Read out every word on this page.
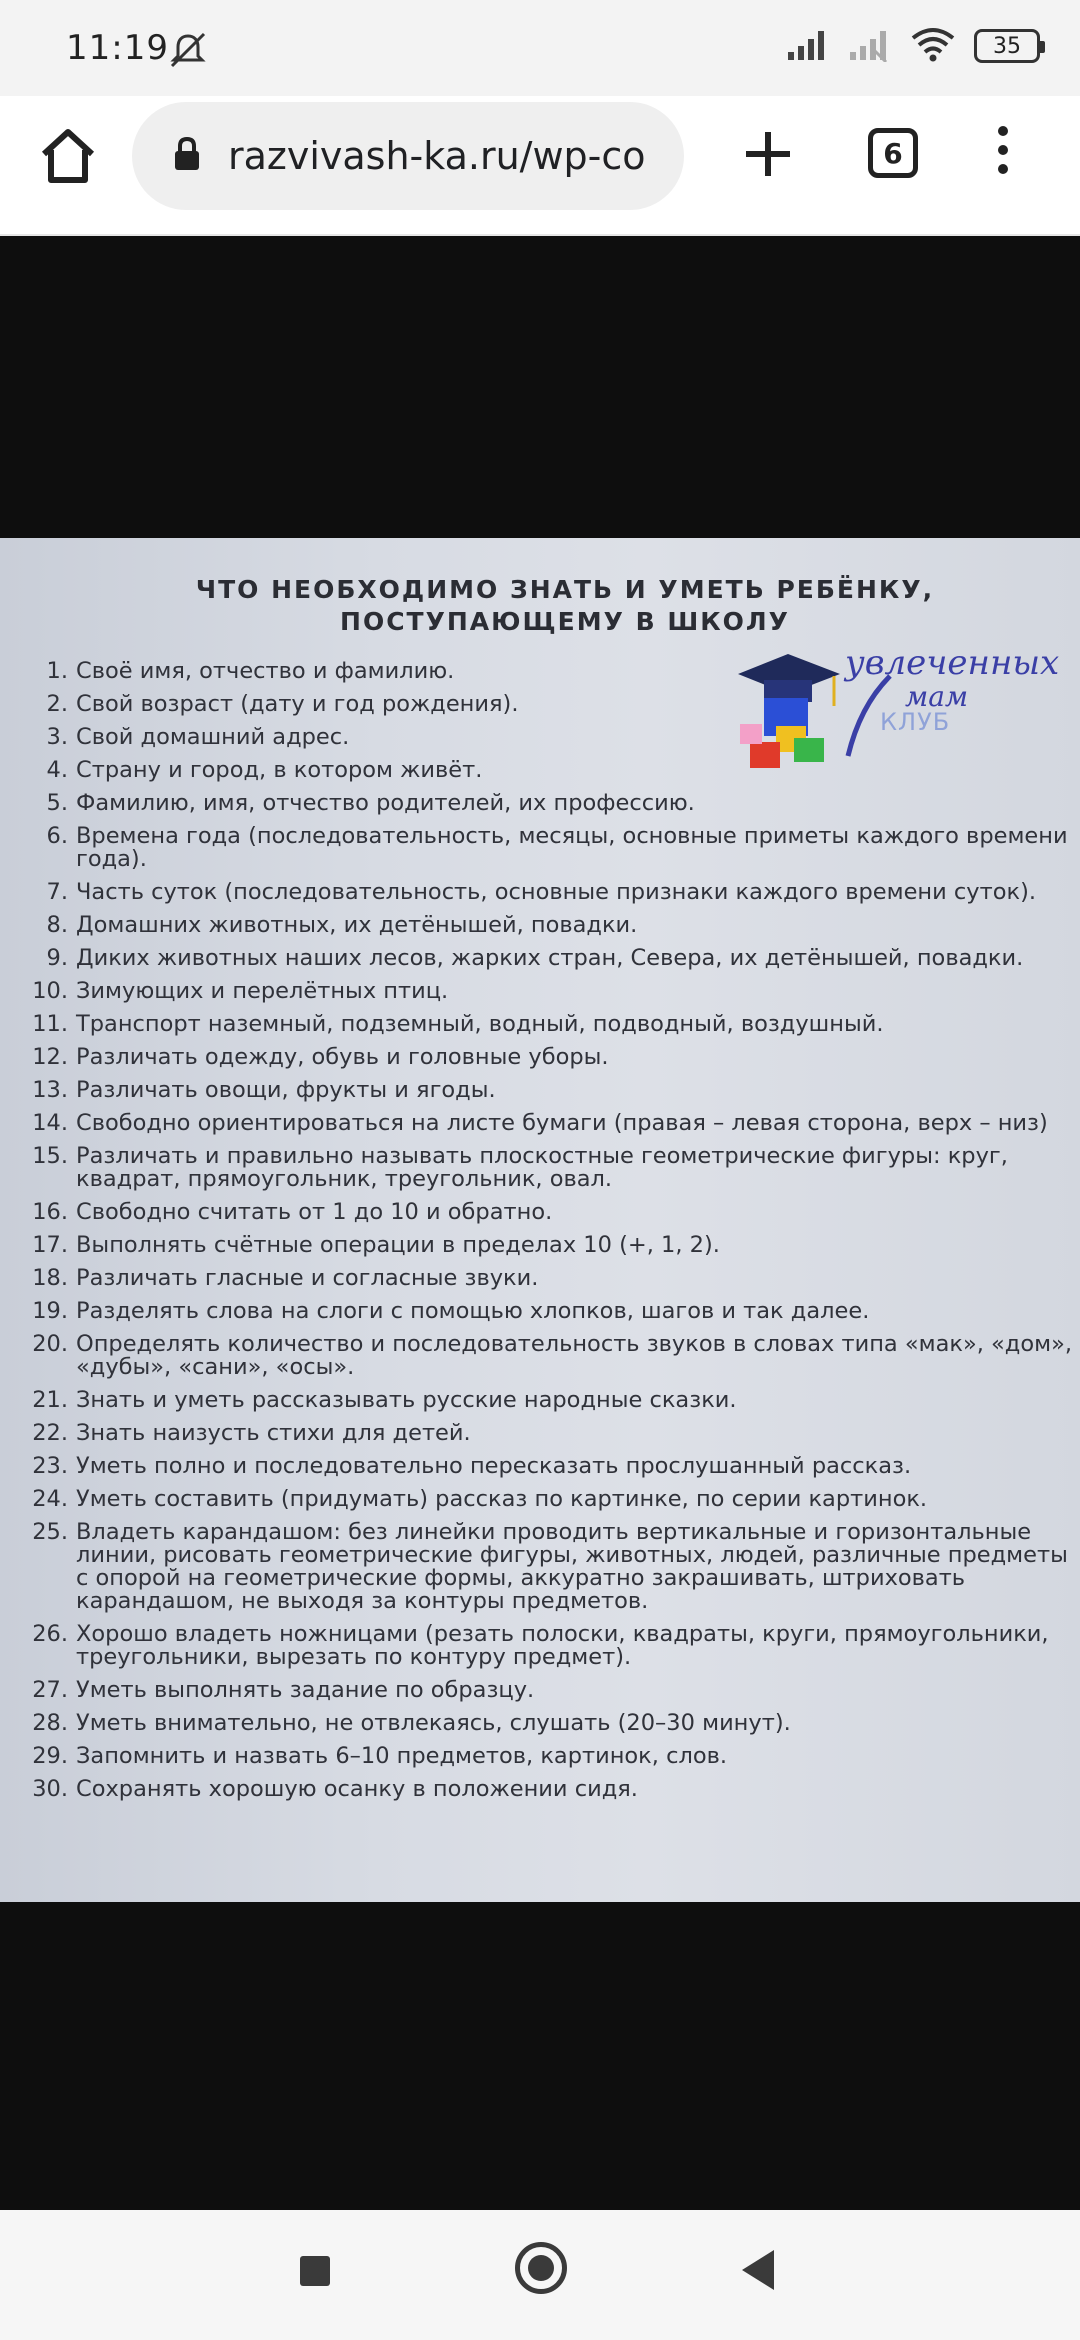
11:19	35
razvivash-ka.ru/wp-co	6
ЧТО НЕОБХОДИМО ЗНАТЬ И УМЕТЬ РЕБЁНКУ,
ПОСТУПАЮЩЕМУ В ШКОЛУ
увлеченных
мам
КЛУБ
1. Своё имя, отчество и фамилию.
2. Свой возраст (дату и год рождения).
3. Свой домашний адрес.
4. Страну и город, в котором живёт.
5. Фамилию, имя, отчество родителей, их профессию.
6. Времена года (последовательность, месяцы, основные приметы каждого времени года).
7. Часть суток (последовательность, основные признаки каждого времени суток).
8. Домашних животных, их детёнышей, повадки.
9. Диких животных наших лесов, жарких стран, Севера, их детёнышей, повадки.
10. Зимующих и перелётных птиц.
11. Транспорт наземный, подземный, водный, подводный, воздушный.
12. Различать одежду, обувь и головные уборы.
13. Различать овощи, фрукты и ягоды.
14. Свободно ориентироваться на листе бумаги (правая – левая сторона, верх – низ)
15. Различать и правильно называть плоскостные геометрические фигуры: круг, квадрат, прямоугольник, треугольник, овал.
16. Свободно считать от 1 до 10 и обратно.
17. Выполнять счётные операции в пределах 10 (+, 1, 2).
18. Различать гласные и согласные звуки.
19. Разделять слова на слоги с помощью хлопков, шагов и так далее.
20. Определять количество и последовательность звуков в словах типа «мак», «дом», «дубы», «сани», «осы».
21. Знать и уметь рассказывать русские народные сказки.
22. Знать наизусть стихи для детей.
23. Уметь полно и последовательно пересказать прослушанный рассказ.
24. Уметь составить (придумать) рассказ по картинке, по серии картинок.
25. Владеть карандашом: без линейки проводить вертикальные и горизонтальные линии, рисовать геометрические фигуры, животных, людей, различные предметы с опорой на геометрические формы, аккуратно закрашивать, штриховать карандашом, не выходя за контуры предметов.
26. Хорошо владеть ножницами (резать полоски, квадраты, круги, прямоугольники, треугольники, вырезать по контуру предмет).
27. Уметь выполнять задание по образцу.
28. Уметь внимательно, не отвлекаясь, слушать (20–30 минут).
29. Запомнить и назвать 6–10 предметов, картинок, слов.
30. Сохранять хорошую осанку в положении сидя.
